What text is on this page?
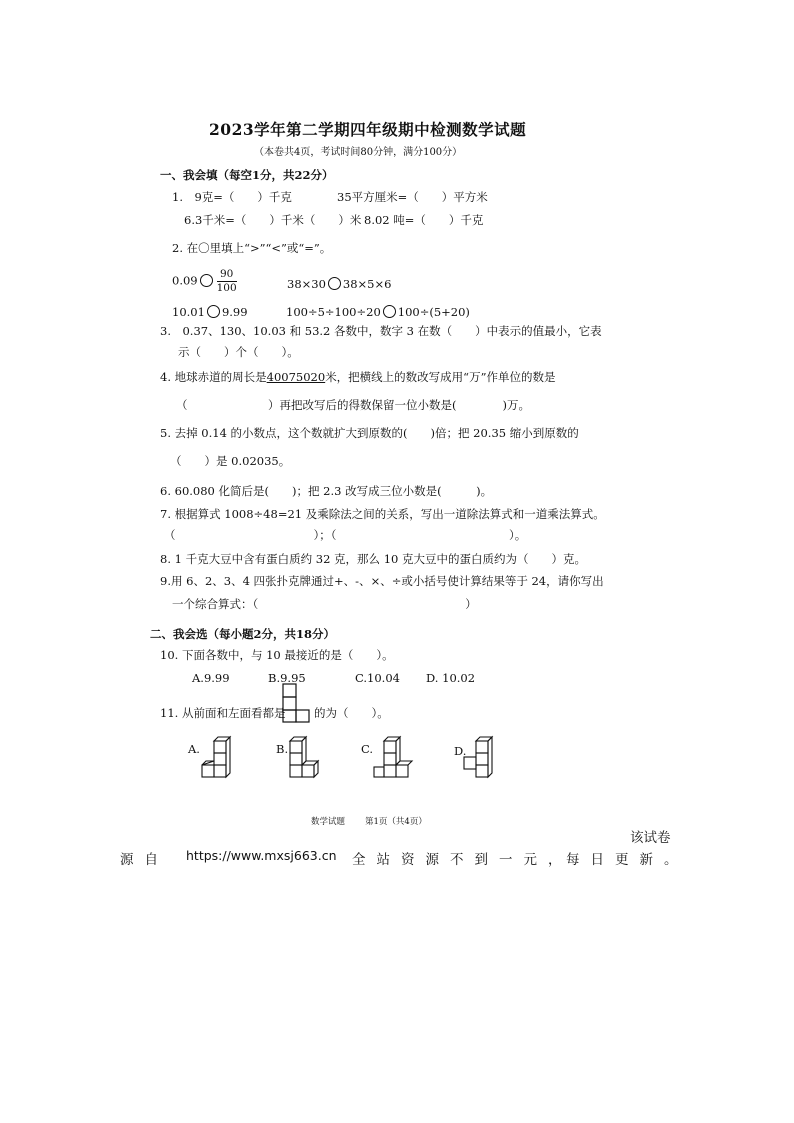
2023学年第二学期四年级期中检测数学试题
（本卷共4页，考试时间80分钟，满分100分）
一、我会填（每空1分，共22分）
1.　9克=（　　）千克	35平方厘米=（　　）平方米
6.3千米=（　　）千米（　　）米 8.02 吨=（　　）千克
2. 在〇里填上“>”“<”或“=”。
$0.09 \frac{90}{100}$	38×30 38×5×6
10.01 9.99	100÷5÷100÷20 100÷(5+20)
3.　0.37、130、10.03 和 53.2 各数中，数字 3 在数（　　）中表示的值最小，它表
示（　　）个（　　）。
4. 地球赤道的周长是40075020米，把横线上的数改写成用“万”作单位的数是
（　　　　　　　）再把改写后的得数保留一位小数是(　　　　)万。
5. 去掉 0.14 的小数点，这个数就扩大到原数的(　　)倍；把 20.35 缩小到原数的
（　　）是 0.02035。
6. 60.080 化简后是(　　)；把 2.3 改写成三位小数是(　　　)。
7. 根据算式 1008÷48=21 及乘除法之间的关系，写出一道除法算式和一道乘法算式。
（　　　　　　　　　　　　）；（　　　　　　　　　　　　　　　）。
8. 1 千克大豆中含有蛋白质约 32 克，那么 10 克大豆中的蛋白质约为（　　）克。
9.用 6、2、3、4 四张扑克牌通过+、-、×、÷或小括号使计算结果等于 24，请你写出
一个综合算式：（　　　　　　　　　　　　　　　　　　）
二、我会选（每小题2分，共18分）
10. 下面各数中，与 10 最接近的是（　　）。
A.9.99	B.9.95	C.10.04 D. 10.02
11. 从前面和左面看都是 的为（　　）。
A.	B.	C.	D.
数学试题 第1页（共4页）
该试卷
源自 https://www.mxsj663.cn 全站资源不到一元，
每日更新。
